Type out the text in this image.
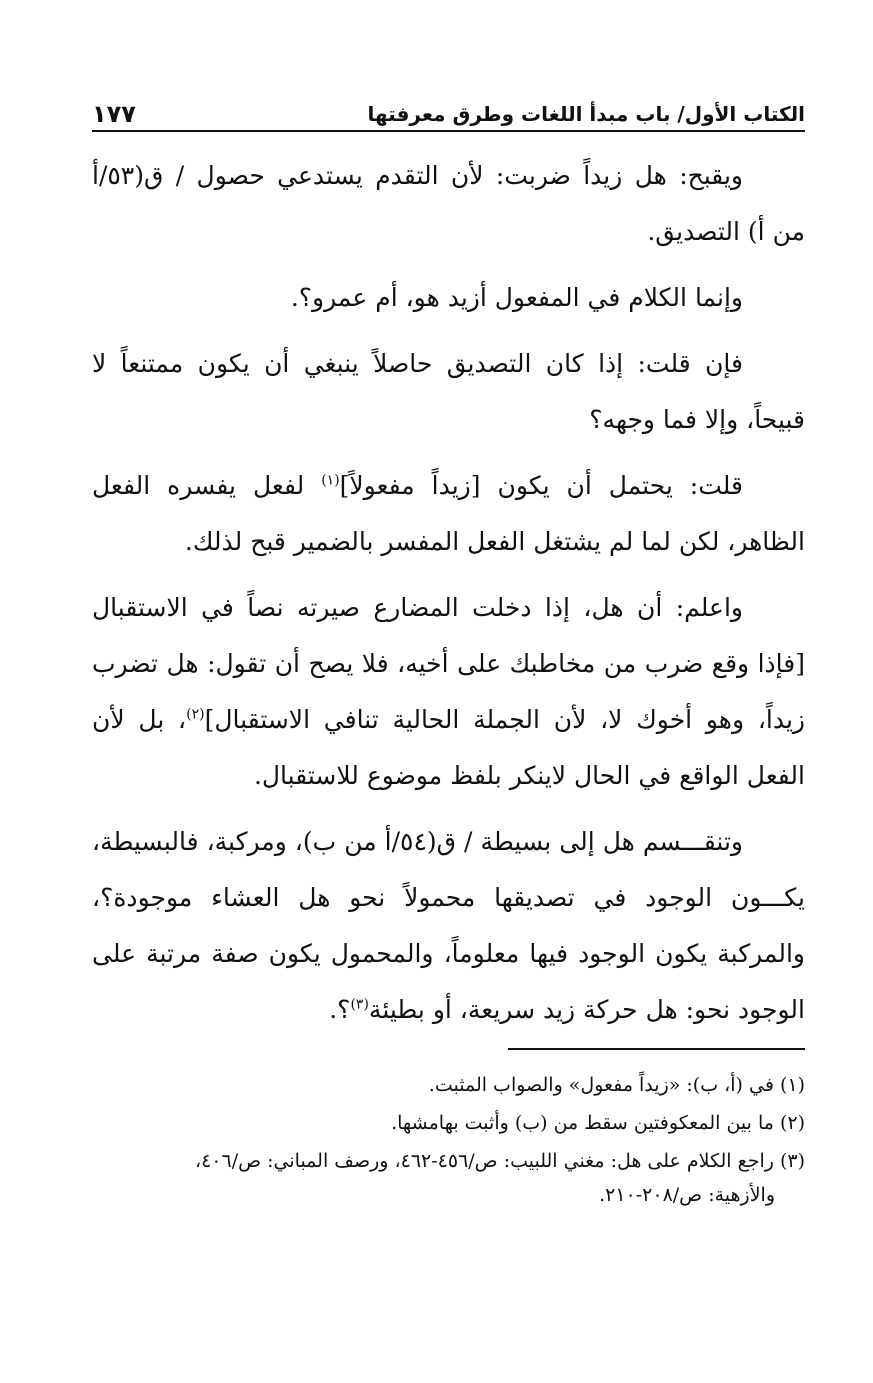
الكتاب الأول/ باب مبدأ اللغات وطرق معرفتها
١٧٧

ويقبح: هل زيداً ضربت: لأن التقدم يستدعي حصول / ق(٥٣/أ من أ) التصديق.

وإنما الكلام في المفعول أزيد هو، أم عمرو؟.

فإن قلت: إذا كان التصديق حاصلاً ينبغي أن يكون ممتنعاً لا قبيحاً، وإلا فما وجهه؟

قلت: يحتمل أن يكون [زيداً مفعولاً]$^{(١)}$ لفعل يفسره الفعل الظاهر، لكن لما لم يشتغل الفعل المفسر بالضمير قبح لذلك.

واعلم: أن هل، إذا دخلت المضارع صيرته نصاً في الاستقبال [فإذا وقع ضرب من مخاطبك على أخيه، فلا يصح أن تقول: هل تضرب زيداً، وهو أخوك لا، لأن الجملة الحالية تنافي الاستقبال]$^{(٢)}$، بل لأن الفعل الواقع في الحال لاينكر بلفظ موضوع للاستقبال.

وتنقـــسم هل إلى بسيطة / ق(٥٤/أ من ب)، ومركبة، فالبسيطة، يكـــون الوجود في تصديقها محمولاً نحو هل العشاء موجودة؟، والمركبة يكون الوجود فيها معلوماً، والمحمول يكون صفة مرتبة على الوجود نحو: هل حركة زيد سريعة، أو بطيئة$^{(٣)}$؟.

(١)في (أ، ب): «زيداً مفعول» والصواب المثبت.

(٢)ما بين المعكوفتين سقط من (ب) وأثبت بهامشها.

(٣)راجع الكلام على هل: مغني اللبيب: ص/٤٥٦-٤٦٢، ورصف المباني: ص/٤٠٦،
والأزهية: ص/٢٠٨-٢١٠.
